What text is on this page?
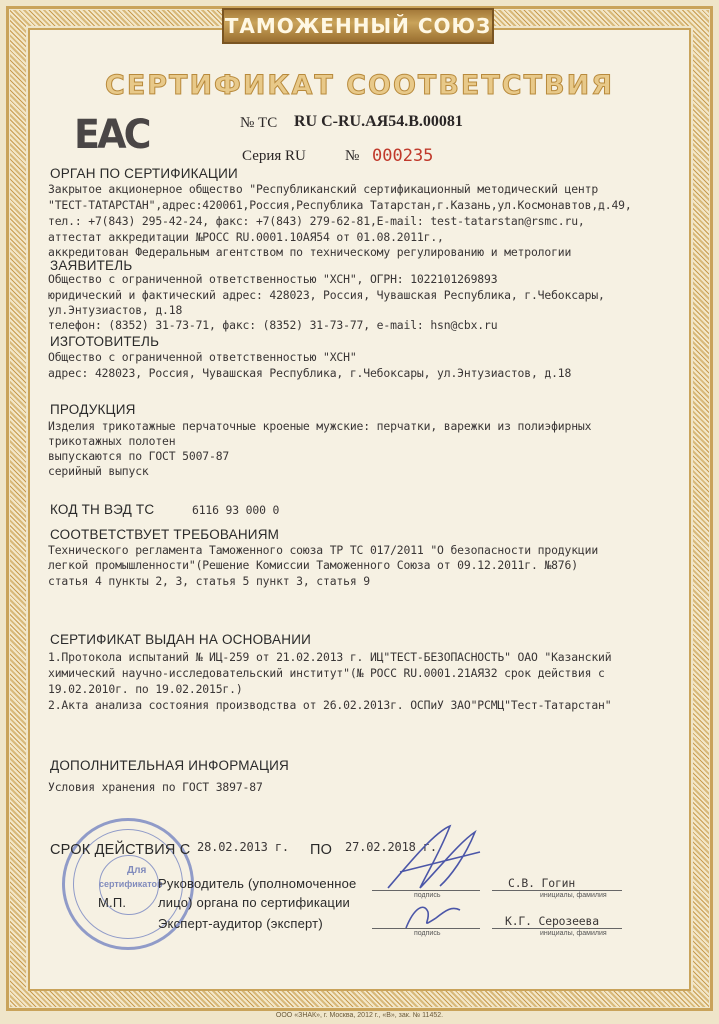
ТАМОЖЕННЫЙ СОЮЗ
СЕРТИФИКАТ СООТВЕТСТВИЯ
EAC	№ ТС RU C-RU.АЯ54.В.00081
Серия RU	№ 000235
ОРГАН ПО СЕРТИФИКАЦИИ
Закрытое акционерное общество "Республиканский сертификационный методический центр
"ТЕСТ-ТАТАРСТАН",адрес:420061,Россия,Республика Татарстан,г.Казань,ул.Космонавтов,д.49,
тел.: +7(843) 295-42-24, факс: +7(843) 279-62-81,E-mail: test-tatarstan@rsmc.ru,
аттестат аккредитации №РОСС RU.0001.10АЯ54 от 01.08.2011г.,
аккредитован Федеральным агентством по техническому регулированию и метрологии
ЗАЯВИТЕЛЬ
Общество с ограниченной ответственностью "ХСН", ОГРН: 1022101269893
юридический и фактический адрес: 428023, Россия, Чувашская Республика, г.Чебоксары,
ул.Энтузиастов, д.18
телефон: (8352) 31-73-71, факс: (8352) 31-73-77, e-mail: hsn@cbx.ru
ИЗГОТОВИТЕЛЬ
Общество с ограниченной ответственностью "ХСН"
адрес: 428023, Россия, Чувашская Республика, г.Чебоксары, ул.Энтузиастов, д.18
ПРОДУКЦИЯ
Изделия трикотажные перчаточные кроеные мужские: перчатки, варежки из полиэфирных
трикотажных полотен
выпускаются по ГОСТ 5007-87
серийный выпуск
КОД ТН ВЭД ТС	6116 93 000 0
СООТВЕТСТВУЕТ ТРЕБОВАНИЯМ
Технического регламента Таможенного союза ТР ТС 017/2011 "О безопасности продукции
легкой промышленности"(Решение Комиссии Таможенного Союза от 09.12.2011г. №876)
статья 4 пункты 2, 3, статья 5 пункт 3, статья 9
СЕРТИФИКАТ ВЫДАН НА ОСНОВАНИИ
1.Протокола испытаний № ИЦ-259 от 21.02.2013 г. ИЦ"ТЕСТ-БЕЗОПАСНОСТЬ" ОАО "Казанский
химический научно-исследовательский институт"(№ РОСС RU.0001.21АЯ32 срок действия с
19.02.2010г. по 19.02.2015г.)
2.Акта анализа состояния производства от 26.02.2013г. ОСПиУ ЗАО"РСМЦ"Тест-Татарстан"
ДОПОЛНИТЕЛЬНАЯ ИНФОРМАЦИЯ
Условия хранения по ГОСТ 3897-87
Для
сертификатов
СРОК ДЕЙСТВИЯ С 28.02.2013 г. ПО 27.02.2018 г.
Руководитель (уполномоченное
М.П. лицо) органа по сертификации
Эксперт-аудитор (эксперт)
подпись	инициалы, фамилия
С.В. Гогин
подпись	инициалы, фамилия
К.Г. Серозеева
ООО «ЗНАК», г. Москва, 2012 г., «В», зак. № 11452.
